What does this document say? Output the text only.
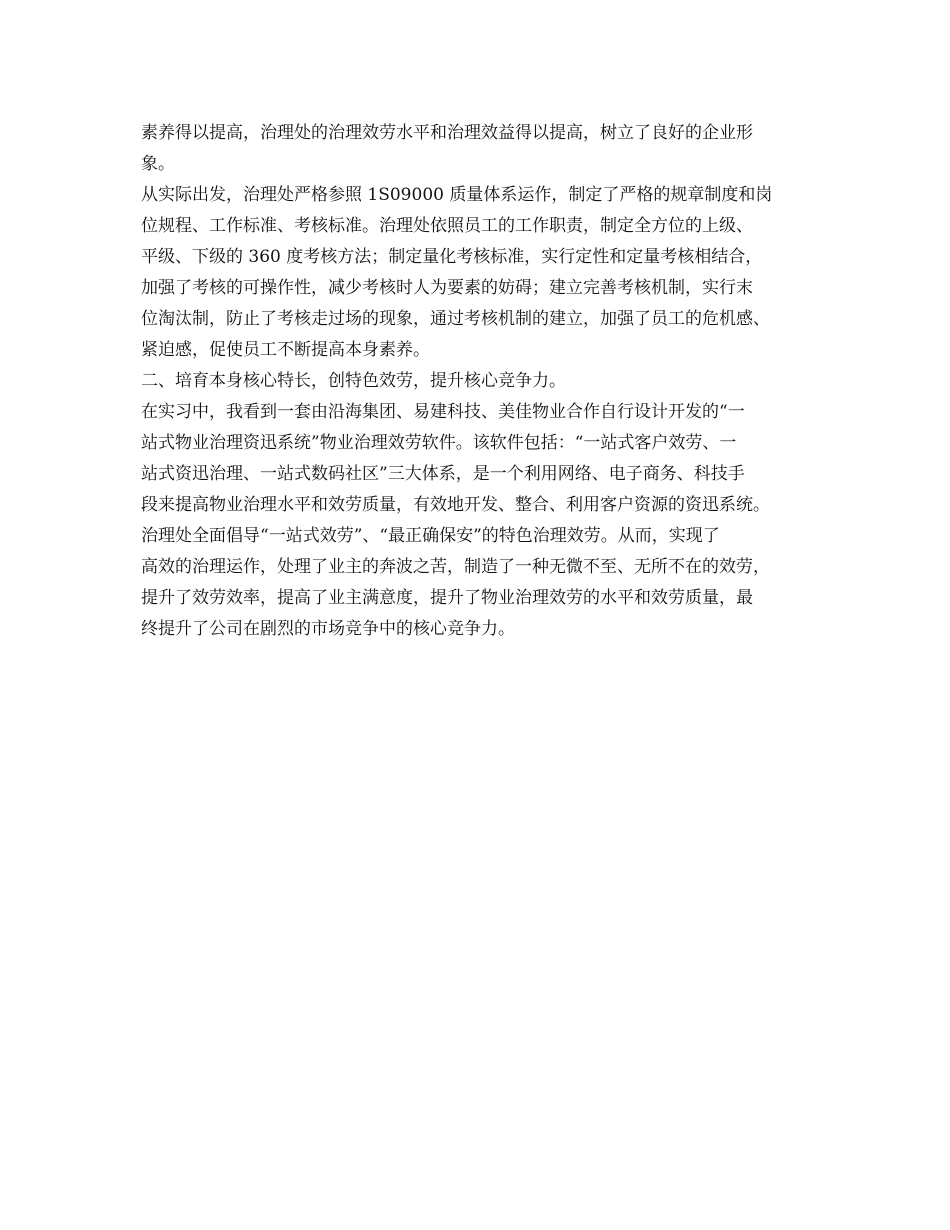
素养得以提高，治理处的治理效劳水平和治理效益得以提高，树立了良好的企业形
象。
从实际出发，治理处严格参照 1S09000 质量体系运作，制定了严格的规章制度和岗
位规程、工作标准、考核标准。治理处依照员工的工作职责，制定全方位的上级、
平级、下级的 360 度考核方法；制定量化考核标准，实行定性和定量考核相结合，
加强了考核的可操作性，减少考核时人为要素的妨碍；建立完善考核机制，实行末
位淘汰制，防止了考核走过场的现象，通过考核机制的建立，加强了员工的危机感、
紧迫感，促使员工不断提高本身素养。
二、培育本身核心特长，创特色效劳，提升核心竞争力。
在实习中，我看到一套由沿海集团、易建科技、美佳物业合作自行设计开发的“一
站式物业治理资迅系统”物业治理效劳软件。该软件包括：“一站式客户效劳、一
站式资迅治理、一站式数码社区”三大体系，是一个利用网络、电子商务、科技手
段来提高物业治理水平和效劳质量，有效地开发、整合、利用客户资源的资迅系统。
治理处全面倡导“一站式效劳”、“最正确保安”的特色治理效劳。从而，实现了
高效的治理运作，处理了业主的奔波之苦，制造了一种无微不至、无所不在的效劳，
提升了效劳效率，提高了业主满意度，提升了物业治理效劳的水平和效劳质量，最
终提升了公司在剧烈的市场竞争中的核心竞争力。
